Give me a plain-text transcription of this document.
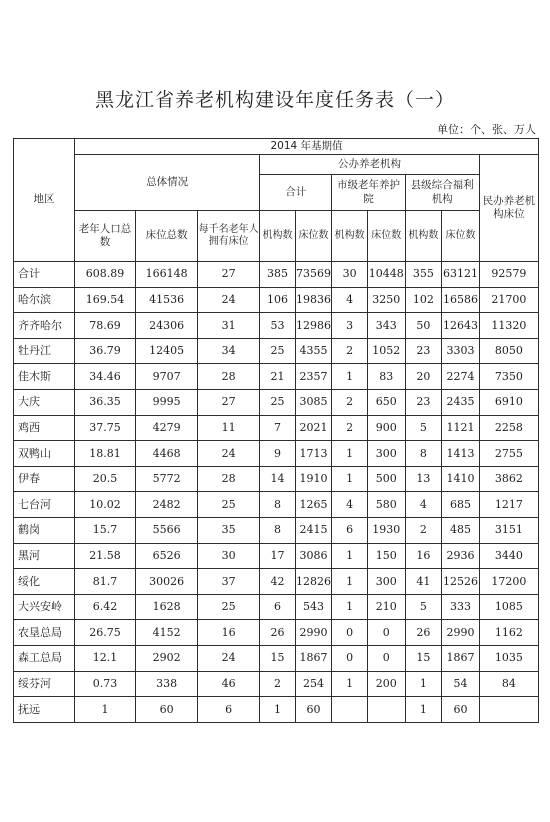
黑龙江省养老机构建设年度任务表（一）
单位：个、张、万人
地区	2014 年基期值									
	总体情况			公办养老机构						民办养老机构床位
				合计		市级老年养护院		县级综合福利机构		
	老年人口总数	床位总数	每千名老年人拥有床位	机构数	床位数	机构数	床位数	机构数	床位数	
合计	608.89	166148	27	385	73569	30	10448	355	63121	92579
哈尔滨	169.54	41536	24	106	19836	4	3250	102	16586	21700
齐齐哈尔	78.69	24306	31	53	12986	3	343	50	12643	11320
牡丹江	36.79	12405	34	25	4355	2	1052	23	3303	8050
佳木斯	34.46	9707	28	21	2357	1	83	20	2274	7350
大庆	36.35	9995	27	25	3085	2	650	23	2435	6910
鸡西	37.75	4279	11	7	2021	2	900	5	1121	2258
双鸭山	18.81	4468	24	9	1713	1	300	8	1413	2755
伊春	20.5	5772	28	14	1910	1	500	13	1410	3862
七台河	10.02	2482	25	8	1265	4	580	4	685	1217
鹤岗	15.7	5566	35	8	2415	6	1930	2	485	3151
黑河	21.58	6526	30	17	3086	1	150	16	2936	3440
绥化	81.7	30026	37	42	12826	1	300	41	12526	17200
大兴安岭	6.42	1628	25	6	543	1	210	5	333	1085
农垦总局	26.75	4152	16	26	2990	0	0	26	2990	1162
森工总局	12.1	2902	24	15	1867	0	0	15	1867	1035
绥芬河	0.73	338	46	2	254	1	200	1	54	84
抚远	1	60	6	1	60			1	60	
